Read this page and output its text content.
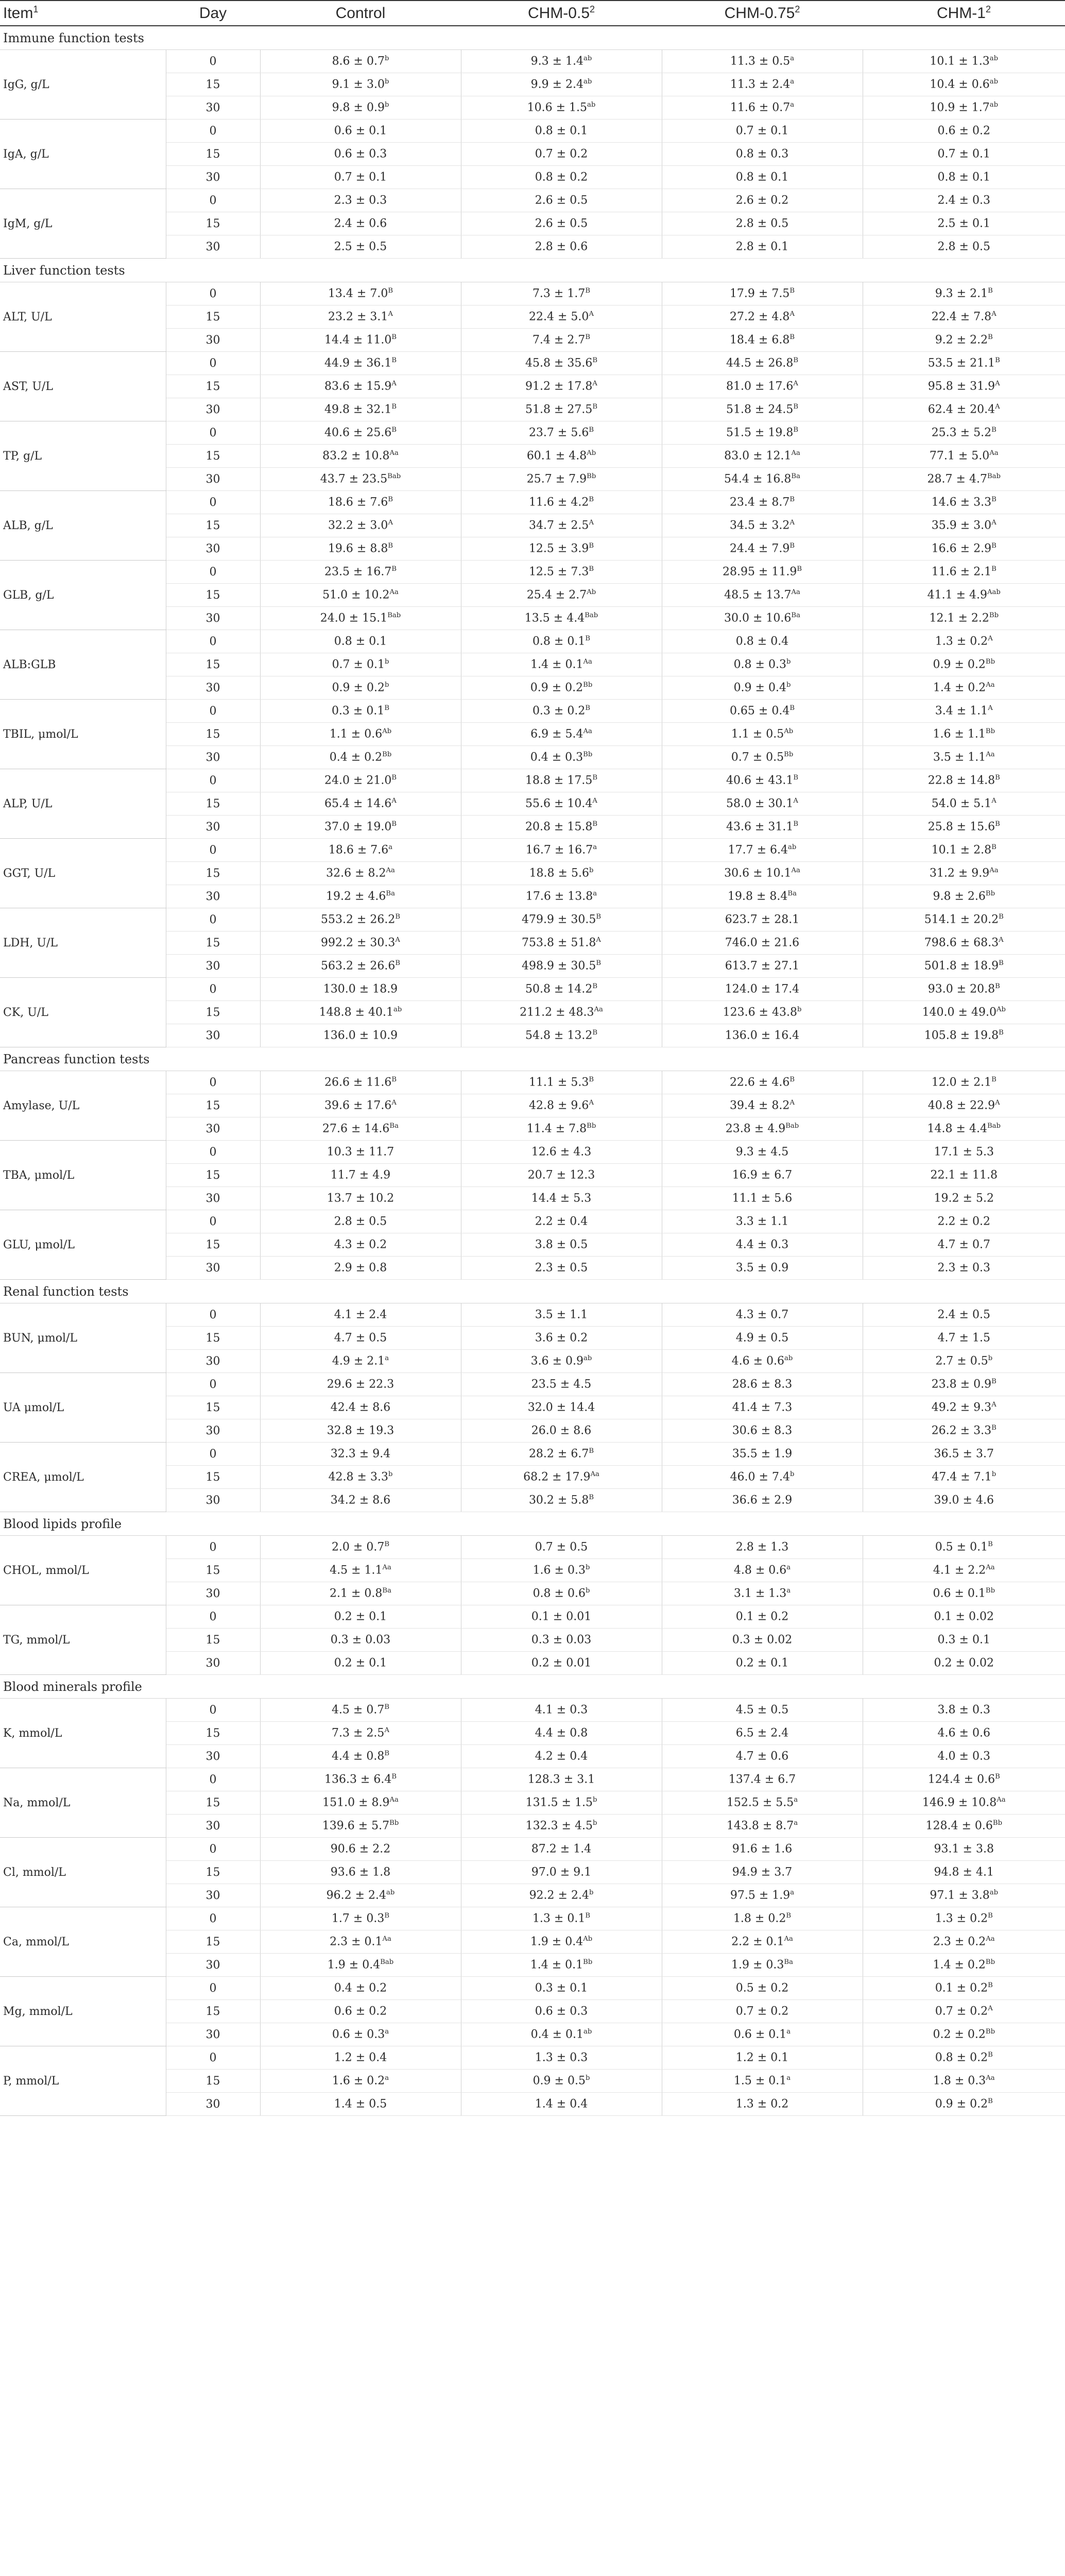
Item$^1$	Day	Control	CHM-$0.5^2$	CHM-0.75$^2$	CHM-$1^2$
Immune function tests					
IgG, g/L	0	8.6 ± 0.7$^b$	9.3 ± 1.4$^{ab}$	11.3 ± 0.5$^a$	10.1 ± 1.3$^{ab}$
	15	9.1 ± 3.0$^b$	9.9 ± 2.4$^{ab}$	11.3 ± 2.4$^a$	10.4 ± 0.6$^{ab}$
	30	9.8 ± 0.9$^b$	10.6 ± 1.5$^{ab}$	11.6 ± 0.7$^a$	10.9 ± 1.7$^{ab}$
IgA, g/L	0	0.6 ± 0.1	0.8 ± 0.1	0.7 ± 0.1	0.6 ± 0.2
	15	0.6 ± 0.3	0.7 ± 0.2	0.8 ± 0.3	0.7 ± 0.1
	30	0.7 ± 0.1	0.8 ± 0.2	0.8 ± 0.1	0.8 ± 0.1
IgM, g/L	0	2.3 ± 0.3	2.6 ± 0.5	2.6 ± 0.2	2.4 ± 0.3
	15	2.4 ± 0.6	2.6 ± 0.5	2.8 ± 0.5	2.5 ± 0.1
	30	2.5 ± 0.5	2.8 ± 0.6	2.8 ± 0.1	2.8 ± 0.5
Liver function tests					
ALT, U/L	0	$13.4 \pm 7.0^B$	$7.3 \pm 1.7^B$	$17.9 \pm 7.5^B$	$9.3 \pm 2.1^B$
	15	$23.2 \pm 3.1^A$	$22.4 \pm 5.0^A$	$27.2 \pm 4.8^A$	$22.4 \pm 7.8^A$
	30	$14.4 \pm 11.0^B$	$7.4 \pm 2.7^B$	$18.4 \pm 6.8^B$	$9.2 \pm 2.2^B$
AST, U/L	0	$44.9 \pm 36.1^B$	$45.8 \pm 35.6^B$	$44.5 \pm 26.8^B$	$53.5 \pm 21.1^B$
	15	$83.6 \pm 15.9^A$	$91.2 \pm 17.8^A$	$81.0 \pm 17.6^A$	$95.8 \pm 31.9^A$
	30	$49.8 \pm 32.1^B$	$51.8 \pm 27.5^B$	$51.8 \pm 24.5^B$	$62.4 \pm 20.4^A$
TP, g/L	0	$40.6 \pm 25.6^B$	$23.7 \pm 5.6^B$	$51.5 \pm 19.8^B$	$25.3 \pm 5.2^B$
	15	$83.2 \pm 10.8^{Aa}$	$60.1 \pm 4.8^{Ab}$	$83.0 \pm 12.1^{Aa}$	$77.1 \pm 5.0^{Aa}$
	30	$43.7 \pm 23.5^{Bab}$	$25.7 \pm 7.9^{Bb}$	$54.4 \pm 16.8^{Ba}$	$28.7 \pm 4.7^{Bab}$
ALB, g/L	0	$18.6 \pm 7.6^B$	$11.6 \pm 4.2^B$	$23.4 \pm 8.7^B$	$14.6 \pm 3.3^B$
	15	$32.2 \pm 3.0^A$	$34.7 \pm 2.5^A$	$34.5 \pm 3.2^A$	$35.9 \pm 3.0^A$
	30	$19.6 \pm 8.8^B$	$12.5 \pm 3.9^B$	$24.4 \pm 7.9^B$	$16.6 \pm 2.9^B$
GLB, g/L	0	$23.5 \pm 16.7^B$	$12.5 \pm 7.3^B$	$28.95 \pm 11.9^B$	$11.6 \pm 2.1^B$
	15	$51.0 \pm 10.2^{Aa}$	$25.4 \pm 2.7^{Ab}$	$48.5 \pm 13.7^{Aa}$	$41.1 \pm 4.9^{Aab}$
	30	$24.0 \pm 15.1^{Bab}$	$13.5 \pm 4.4^{Bab}$	$30.0 \pm 10.6^{Ba}$	$12.1 \pm 2.2^{Bb}$
ALB:GLB	0	0.8 ± 0.1	$0.8 \pm 0.1^B$	0.8 ± 0.4	$1.3 \pm 0.2^A$
	15	0.7 ± 0.1$^b$	$1.4 \pm 0.1^{Aa}$	0.8 ± 0.3$^b$	$0.9 \pm 0.2^{Bb}$
	30	0.9 ± 0.2$^b$	$0.9 \pm 0.2^{Bb}$	0.9 ± 0.4$^b$	$1.4 \pm 0.2^{Aa}$
TBIL, μmol/L	0	$0.3 \pm 0.1^B$	$0.3 \pm 0.2^B$	$0.65 \pm 0.4^B$	$3.4 \pm 1.1^A$
	15	$1.1 \pm 0.6^{Ab}$	$6.9 \pm 5.4^{Aa}$	$1.1 \pm 0.5^{Ab}$	$1.6 \pm 1.1^{Bb}$
	30	$0.4 \pm 0.2^{Bb}$	$0.4 \pm 0.3^{Bb}$	$0.7 \pm 0.5^{Bb}$	$3.5 \pm 1.1^{Aa}$
ALP, U/L	0	$24.0 \pm 21.0^B$	$18.8 \pm 17.5^B$	$40.6 \pm 43.1^B$	$22.8 \pm 14.8^B$
	15	$65.4 \pm 14.6^A$	$55.6 \pm 10.4^A$	$58.0 \pm 30.1^A$	$54.0 \pm 5.1^A$
	30	$37.0 \pm 19.0^B$	$20.8 \pm 15.8^B$	$43.6 \pm 31.1^B$	$25.8 \pm 15.6^B$
GGT, U/L	0	18.6 ± 7.6$^a$	16.7 ± 16.7$^a$	17.7 ± 6.4$^{ab}$	$10.1 \pm 2.8^B$
	15	$32.6 \pm 8.2^{Aa}$	18.8 ± 5.6$^b$	$30.6 \pm 10.1^{Aa}$	$31.2 \pm 9.9^{Aa}$
	30	$19.2 \pm 4.6^{Ba}$	17.6 ± 13.8$^a$	$19.8 \pm 8.4^{Ba}$	$9.8 \pm 2.6^{Bb}$
LDH, U/L	0	$553.2 \pm 26.2^B$	$479.9 \pm 30.5^B$	623.7 ± 28.1	$514.1 \pm 20.2^B$
	15	$992.2 \pm 30.3^A$	$753.8 \pm 51.8^A$	746.0 ± 21.6	$798.6 \pm 68.3^A$
	30	$563.2 \pm 26.6^B$	$498.9 \pm 30.5^B$	613.7 ± 27.1	$501.8 \pm 18.9^B$
CK, U/L	0	130.0 ± 18.9	$50.8 \pm 14.2^B$	124.0 ± 17.4	$93.0 \pm 20.8^B$
	15	148.8 ± 40.1$^{ab}$	$211.2 \pm 48.3^{Aa}$	123.6 ± 43.8$^b$	$140.0 \pm 49.0^{Ab}$
	30	136.0 ± 10.9	$54.8 \pm 13.2^B$	136.0 ± 16.4	$105.8 \pm 19.8^B$
Pancreas function tests					
Amylase, U/L	0	$26.6 \pm 11.6^B$	$11.1 \pm 5.3^B$	$22.6 \pm 4.6^B$	$12.0 \pm 2.1^B$
	15	$39.6 \pm 17.6^A$	$42.8 \pm 9.6^A$	$39.4 \pm 8.2^A$	$40.8 \pm 22.9^A$
	30	$27.6 \pm 14.6^{Ba}$	$11.4 \pm 7.8^{Bb}$	$23.8 \pm 4.9^{Bab}$	$14.8 \pm 4.4^{Bab}$
TBA, μmol/L	0	10.3 ± 11.7	12.6 ± 4.3	9.3 ± 4.5	17.1 ± 5.3
	15	11.7 ± 4.9	20.7 ± 12.3	16.9 ± 6.7	22.1 ± 11.8
	30	13.7 ± 10.2	14.4 ± 5.3	11.1 ± 5.6	19.2 ± 5.2
GLU, μmol/L	0	2.8 ± 0.5	2.2 ± 0.4	3.3 ± 1.1	2.2 ± 0.2
	15	4.3 ± 0.2	3.8 ± 0.5	4.4 ± 0.3	4.7 ± 0.7
	30	2.9 ± 0.8	2.3 ± 0.5	3.5 ± 0.9	2.3 ± 0.3
Renal function tests					
BUN, μmol/L	0	4.1 ± 2.4	3.5 ± 1.1	4.3 ± 0.7	2.4 ± 0.5
	15	4.7 ± 0.5	3.6 ± 0.2	4.9 ± 0.5	4.7 ± 1.5
	30	4.9 ± 2.1$^a$	3.6 ± 0.9$^{ab}$	4.6 ± 0.6$^{ab}$	2.7 ± 0.5$^b$
UA μmol/L	0	29.6 ± 22.3	23.5 ± 4.5	28.6 ± 8.3	$23.8 \pm 0.9^B$
	15	42.4 ± 8.6	32.0 ± 14.4	41.4 ± 7.3	$49.2 \pm 9.3^A$
	30	32.8 ± 19.3	26.0 ± 8.6	30.6 ± 8.3	$26.2 \pm 3.3^B$
CREA, μmol/L	0	32.3 ± 9.4	$28.2 \pm 6.7^B$	35.5 ± 1.9	36.5 ± 3.7
	15	42.8 ± 3.3$^b$	$68.2 \pm 17.9^{Aa}$	46.0 ± 7.4$^b$	47.4 ± 7.1$^b$
	30	34.2 ± 8.6	$30.2 \pm 5.8^B$	36.6 ± 2.9	39.0 ± 4.6
Blood lipids profile					
CHOL, mmol/L	0	$2.0 \pm 0.7^B$	0.7 ± 0.5	2.8 ± 1.3	$0.5 \pm 0.1^B$
	15	$4.5 \pm 1.1^{Aa}$	1.6 ± 0.3$^b$	4.8 ± 0.6$^a$	$4.1 \pm 2.2^{Aa}$
	30	$2.1 \pm 0.8^{Ba}$	0.8 ± 0.6$^b$	3.1 ± 1.3$^a$	$0.6 \pm 0.1^{Bb}$
TG, mmol/L	0	0.2 ± 0.1	0.1 ± 0.01	0.1 ± 0.2	0.1 ± 0.02
	15	0.3 ± 0.03	0.3 ± 0.03	0.3 ± 0.02	0.3 ± 0.1
	30	0.2 ± 0.1	0.2 ± 0.01	0.2 ± 0.1	0.2 ± 0.02
Blood minerals profile					
K, mmol/L	0	$4.5 \pm 0.7^B$	4.1 ± 0.3	4.5 ± 0.5	3.8 ± 0.3
	15	$7.3 \pm 2.5^A$	4.4 ± 0.8	6.5 ± 2.4	4.6 ± 0.6
	30	$4.4 \pm 0.8^B$	4.2 ± 0.4	4.7 ± 0.6	4.0 ± 0.3
Na, mmol/L	0	$136.3 \pm 6.4^B$	128.3 ± 3.1	137.4 ± 6.7	$124.4 \pm 0.6^B$
	15	$151.0 \pm 8.9^{Aa}$	131.5 ± 1.5$^b$	152.5 ± 5.5$^a$	$146.9 \pm 10.8^{Aa}$
	30	$139.6 \pm 5.7^{Bb}$	132.3 ± 4.5$^b$	143.8 ± 8.7$^a$	$128.4 \pm 0.6^{Bb}$
Cl, mmol/L	0	90.6 ± 2.2	87.2 ± 1.4	91.6 ± 1.6	93.1 ± 3.8
	15	93.6 ± 1.8	97.0 ± 9.1	94.9 ± 3.7	94.8 ± 4.1
	30	96.2 ± 2.4$^{ab}$	92.2 ± 2.4$^b$	97.5 ± 1.9$^a$	97.1 ± 3.8$^{ab}$
Ca, mmol/L	0	$1.7 \pm 0.3^B$	$1.3 \pm 0.1^B$	$1.8 \pm 0.2^B$	$1.3 \pm 0.2^B$
	15	$2.3 \pm 0.1^{Aa}$	$1.9 \pm 0.4^{Ab}$	$2.2 \pm 0.1^{Aa}$	$2.3 \pm 0.2^{Aa}$
	30	$1.9 \pm 0.4^{Bab}$	$1.4 \pm 0.1^{Bb}$	$1.9 \pm 0.3^{Ba}$	$1.4 \pm 0.2^{Bb}$
Mg, mmol/L	0	0.4 ± 0.2	0.3 ± 0.1	0.5 ± 0.2	$0.1 \pm 0.2^B$
	15	0.6 ± 0.2	0.6 ± 0.3	0.7 ± 0.2	$0.7 \pm 0.2^A$
	30	0.6 ± 0.3$^a$	0.4 ± 0.1$^{ab}$	0.6 ± 0.1$^a$	$0.2 \pm 0.2^{Bb}$
P, mmol/L	0	1.2 ± 0.4	1.3 ± 0.3	1.2 ± 0.1	$0.8 \pm 0.2^B$
	15	1.6 ± 0.2$^a$	0.9 ± 0.5$^b$	1.5 ± 0.1$^a$	$1.8 \pm 0.3^{Aa}$
	30	1.4 ± 0.5	1.4 ± 0.4	1.3 ± 0.2	$0.9 \pm 0.2^B$
